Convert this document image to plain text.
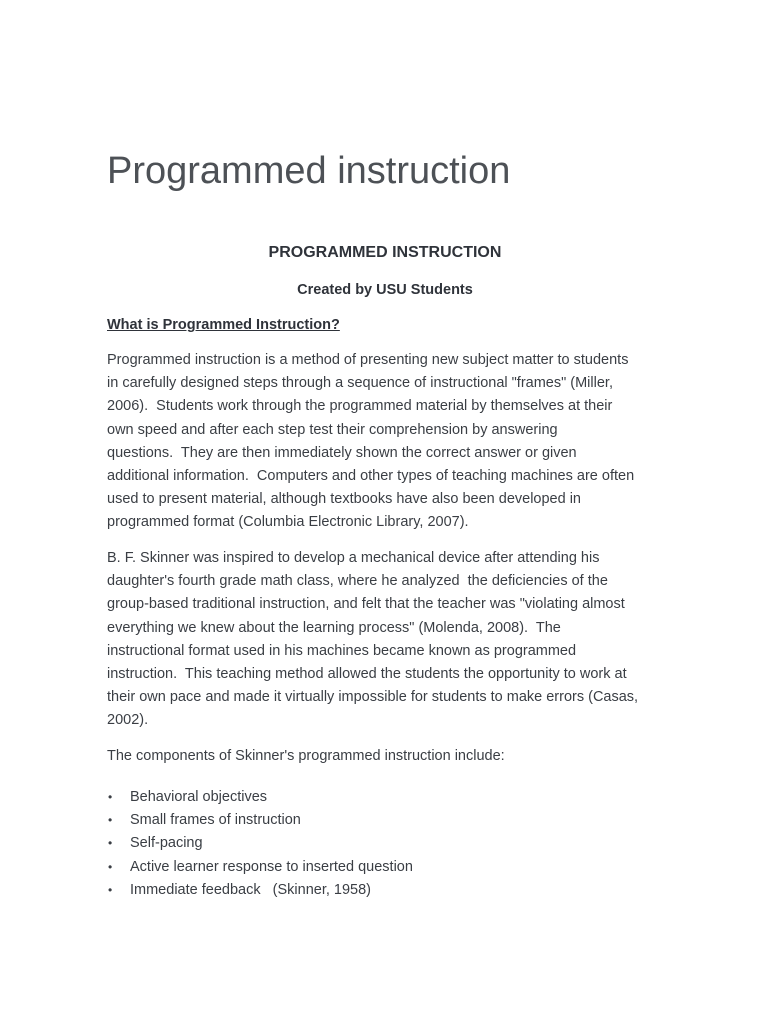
Programmed instruction
PROGRAMMED INSTRUCTION

Created by USU Students

What is Programmed Instruction?

Programmed instruction is a method of presenting new subject matter to students
in carefully designed steps through a sequence of instructional "frames" (Miller,
2006).  Students work through the programmed material by themselves at their
own speed and after each step test their comprehension by answering
questions.  They are then immediately shown the correct answer or given
additional information.  Computers and other types of teaching machines are often
used to present material, although textbooks have also been developed in
programmed format (Columbia Electronic Library, 2007).

B. F. Skinner was inspired to develop a mechanical device after attending his
daughter's fourth grade math class, where he analyzed  the deficiencies of the
group-based traditional instruction, and felt that the teacher was "violating almost
everything we knew about the learning process" (Molenda, 2008).  The
instructional format used in his machines became known as programmed
instruction.  This teaching method allowed the students the opportunity to work at
their own pace and made it virtually impossible for students to make errors (Casas,
2002).

The components of Skinner's programmed instruction include:

• Behavioral objectives
• Small frames of instruction
• Self-pacing
• Active learner response to inserted question
• Immediate feedback   (Skinner, 1958)
